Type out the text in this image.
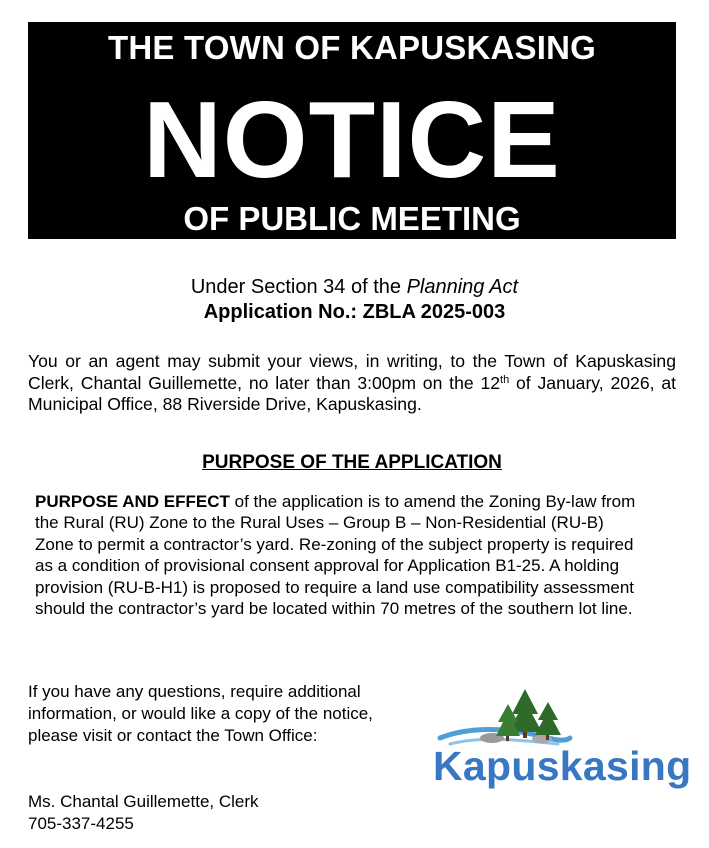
THE TOWN OF KAPUSKASING
NOTICE
OF PUBLIC MEETING
Under Section 34 of the Planning Act
Application No.: ZBLA 2025-003
You or an agent may submit your views, in writing, to the Town of Kapuskasing Clerk, Chantal Guillemette, no later than 3:00pm on the 12th of January, 2026, at Municipal Office, 88 Riverside Drive, Kapuskasing.
PURPOSE OF THE APPLICATION
PURPOSE AND EFFECT of the application is to amend the Zoning By-law from the Rural (RU) Zone to the Rural Uses – Group B – Non-Residential (RU-B) Zone to permit a contractor’s yard. Re-zoning of the subject property is required as a condition of provisional consent approval for Application B1-25. A holding provision (RU-B-H1) is proposed to require a land use compatibility assessment should the contractor’s yard be located within 70 metres of the southern lot line.
If you have any questions, require additional information, or would like a copy of the notice, please visit or contact the Town Office:
Ms. Chantal Guillemette, Clerk
705-337-4255
Kapuskasing
